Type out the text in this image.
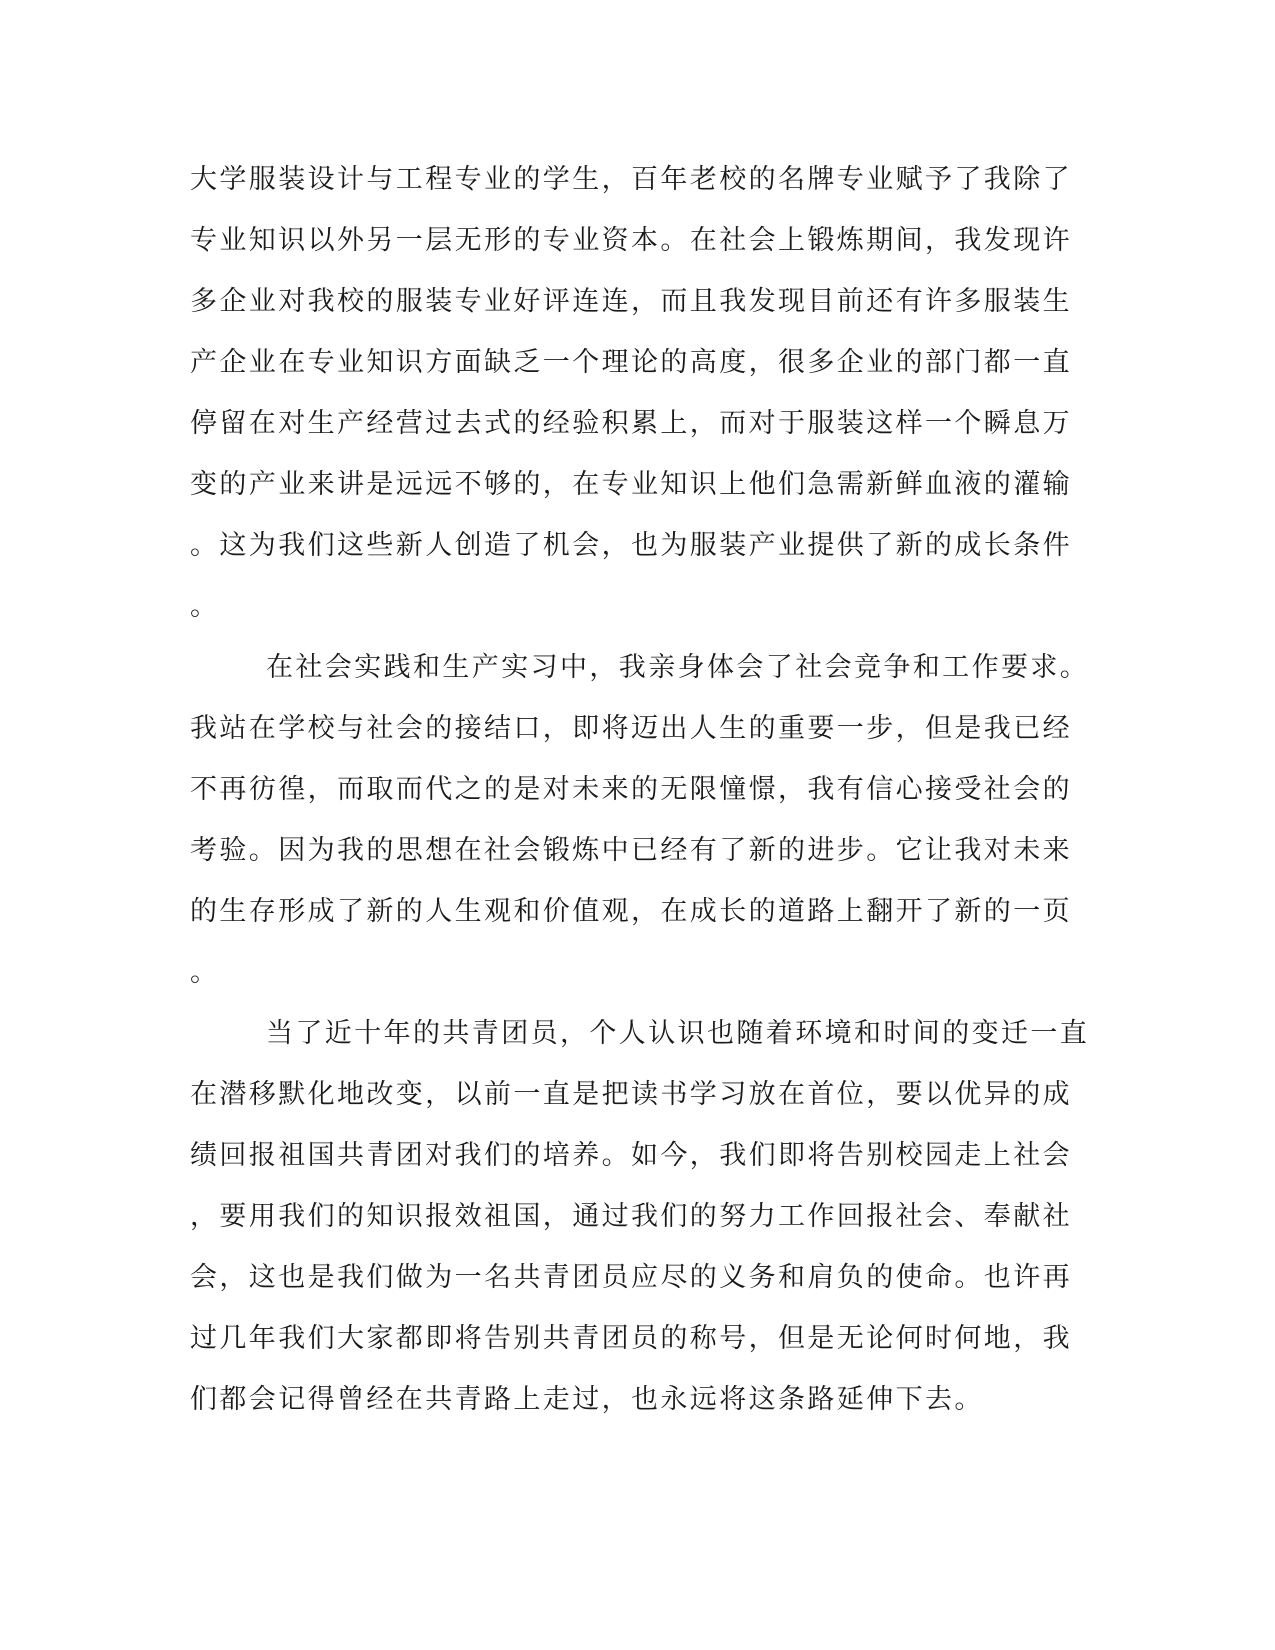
大学服装设计与工程专业的学生，百年老校的名牌专业赋予了我除了
专业知识以外另一层无形的专业资本。在社会上锻炼期间，我发现许
多企业对我校的服装专业好评连连，而且我发现目前还有许多服装生
产企业在专业知识方面缺乏一个理论的高度，很多企业的部门都一直
停留在对生产经营过去式的经验积累上，而对于服装这样一个瞬息万
变的产业来讲是远远不够的，在专业知识上他们急需新鲜血液的灌输
。这为我们这些新人创造了机会，也为服装产业提供了新的成长条件
。
在社会实践和生产实习中，我亲身体会了社会竞争和工作要求。
我站在学校与社会的接结口，即将迈出人生的重要一步，但是我已经
不再彷徨，而取而代之的是对未来的无限憧憬，我有信心接受社会的
考验。因为我的思想在社会锻炼中已经有了新的进步。它让我对未来
的生存形成了新的人生观和价值观，在成长的道路上翻开了新的一页
。
当了近十年的共青团员，个人认识也随着环境和时间的变迁一直
在潜移默化地改变，以前一直是把读书学习放在首位，要以优异的成
绩回报祖国共青团对我们的培养。如今，我们即将告别校园走上社会
，要用我们的知识报效祖国，通过我们的努力工作回报社会、奉献社
会，这也是我们做为一名共青团员应尽的义务和肩负的使命。也许再
过几年我们大家都即将告别共青团员的称号，但是无论何时何地，我
们都会记得曾经在共青路上走过，也永远将这条路延伸下去。
